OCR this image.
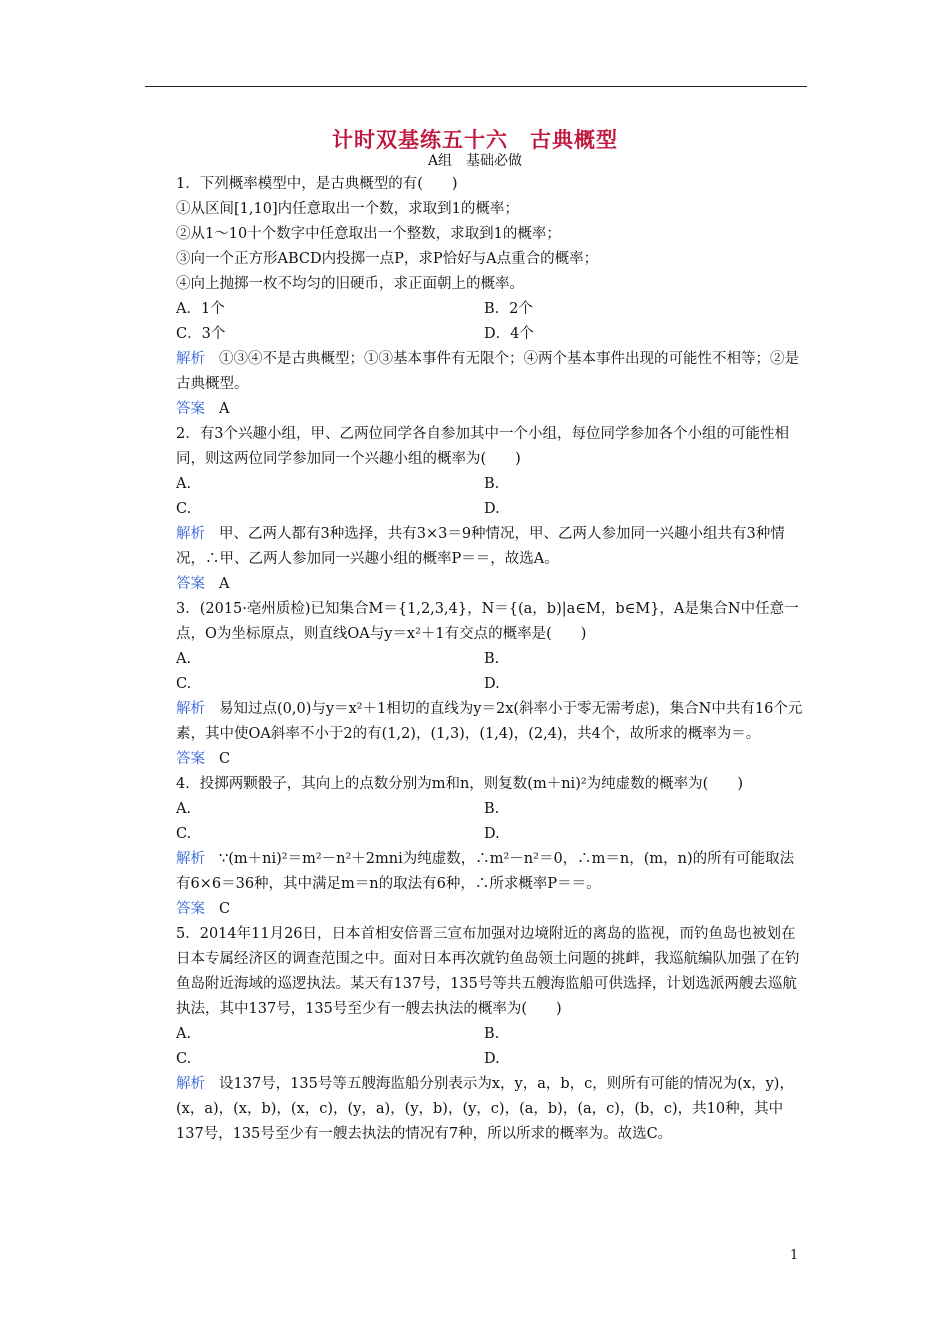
计时双基练五十六　古典概型
A组　基础必做
1．下列概率模型中，是古典概型的有(　　)
①从区间[1,10]内任意取出一个数，求取到1的概率；
②从1～10十个数字中任意取出一个整数，求取到1的概率；
③向一个正方形ABCD内投掷一点P，求P恰好与A点重合的概率；
④向上抛掷一枚不均匀的旧硬币，求正面朝上的概率。
A．1个	B．2个
C．3个	D．4个
解析 ①③④不是古典概型；①③基本事件有无限个；④两个基本事件出现的可能性不相等；②是古典概型。
答案 A
2．有3个兴趣小组，甲、乙两位同学各自参加其中一个小组，每位同学参加各个小组的可能性相同，则这两位同学参加同一个兴趣小组的概率为(　　)
A.	B.
C.	D.
解析 甲、乙两人都有3种选择，共有3×3＝9种情况，甲、乙两人参加同一兴趣小组共有3种情况，∴甲、乙两人参加同一兴趣小组的概率P＝＝，故选A。
答案 A
3．(2015·亳州质检)已知集合M＝{1,2,3,4}，N＝{(a，b)|a∈M，b∈M}，A是集合N中任意一点，O为坐标原点，则直线OA与y＝x²＋1有交点的概率是(　　)
A.	B.
C.	D.
解析 易知过点(0,0)与y＝x²＋1相切的直线为y＝2x(斜率小于零无需考虑)，集合N中共有16个元素，其中使OA斜率不小于2的有(1,2)，(1,3)，(1,4)，(2,4)，共4个，故所求的概率为＝。
答案 C
4．投掷两颗骰子，其向上的点数分别为m和n，则复数(m＋ni)²为纯虚数的概率为(　　)
A.	B.
C.	D.
解析 ∵(m＋ni)²＝m²－n²＋2mni为纯虚数，∴m²－n²＝0，∴m＝n，(m，n)的所有可能取法有6×6＝36种，其中满足m＝n的取法有6种，∴所求概率P＝＝。
答案 C
5．2014年11月26日，日本首相安倍晋三宣布加强对边境附近的离岛的监视，而钓鱼岛也被划在日本专属经济区的调查范围之中。面对日本再次就钓鱼岛领土问题的挑衅，我巡航编队加强了在钓鱼岛附近海域的巡逻执法。某天有137号，135号等共五艘海监船可供选择，计划选派两艘去巡航执法，其中137号，135号至少有一艘去执法的概率为(　　)
A.	B.
C.	D.
解析 设137号，135号等五艘海监船分别表示为x，y，a，b，c，则所有可能的情况为(x，y)，(x，a)，(x，b)，(x，c)，(y，a)，(y，b)，(y，c)，(a，b)，(a，c)，(b，c)，共10种，其中137号，135号至少有一艘去执法的情况有7种，所以所求的概率为。故选C。
1
